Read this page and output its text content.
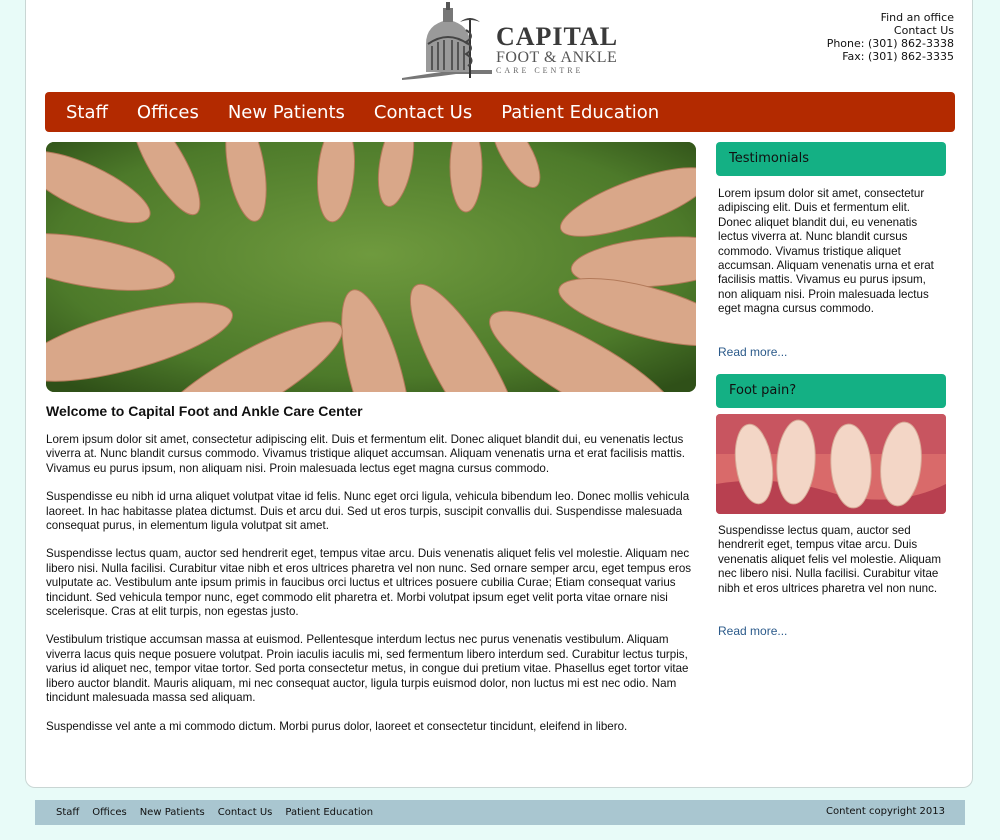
CAPITAL
FOOT & ANKLE
CARE CENTRE
Find an office
Contact Us
Phone: (301) 862-3338
Fax: (301) 862-3335
Staff Offices New Patients Contact Us Patient Education
Welcome to Capital Foot and Ankle Care Center

Lorem ipsum dolor sit amet, consectetur adipiscing elit. Duis et fermentum elit. Donec aliquet blandit dui, eu venenatis lectus viverra at. Nunc blandit cursus commodo. Vivamus tristique aliquet accumsan. Aliquam venenatis urna et erat facilisis mattis. Vivamus eu purus ipsum, non aliquam nisi. Proin malesuada lectus eget magna cursus commodo.

Suspendisse eu nibh id urna aliquet volutpat vitae id felis. Nunc eget orci ligula, vehicula bibendum leo. Donec mollis vehicula laoreet. In hac habitasse platea dictumst. Duis et arcu dui. Sed ut eros turpis, suscipit convallis dui. Suspendisse malesuada consequat purus, in elementum ligula volutpat sit amet.

Suspendisse lectus quam, auctor sed hendrerit eget, tempus vitae arcu. Duis venenatis aliquet felis vel molestie. Aliquam nec libero nisi. Nulla facilisi. Curabitur vitae nibh et eros ultrices pharetra vel non nunc. Sed ornare semper arcu, eget tempus eros vulputate ac. Vestibulum ante ipsum primis in faucibus orci luctus et ultrices posuere cubilia Curae; Etiam consequat varius tincidunt. Sed vehicula tempor nunc, eget commodo elit pharetra et. Morbi volutpat ipsum eget velit porta vitae ornare nisi scelerisque. Cras at elit turpis, non egestas justo.

Vestibulum tristique accumsan massa at euismod. Pellentesque interdum lectus nec purus venenatis vestibulum. Aliquam viverra lacus quis neque posuere volutpat. Proin iaculis iaculis mi, sed fermentum libero interdum sed. Curabitur lectus turpis, varius id aliquet nec, tempor vitae tortor. Sed porta consectetur metus, in congue dui pretium vitae. Phasellus eget tortor vitae libero auctor blandit. Mauris aliquam, mi nec consequat auctor, ligula turpis euismod dolor, non luctus mi est nec odio. Nam tincidunt malesuada massa sed aliquam.

Suspendisse vel ante a mi commodo dictum. Morbi purus dolor, laoreet et consectetur tincidunt, eleifend in libero.

Testimonials

Lorem ipsum dolor sit amet, consectetur adipiscing elit. Duis et fermentum elit. Donec aliquet blandit dui, eu venenatis lectus viverra at. Nunc blandit cursus commodo. Vivamus tristique aliquet accumsan. Aliquam venenatis urna et erat facilisis mattis. Vivamus eu purus ipsum, non aliquam nisi. Proin malesuada lectus eget magna cursus commodo.

Read more...
Foot pain?

Suspendisse lectus quam, auctor sed hendrerit eget, tempus vitae arcu. Duis venenatis aliquet felis vel molestie. Aliquam nec libero nisi. Nulla facilisi. Curabitur vitae nibh et eros ultrices pharetra vel non nunc.

Read more...
Staff Offices New Patients Contact Us Patient Education	Content copyright 2013
